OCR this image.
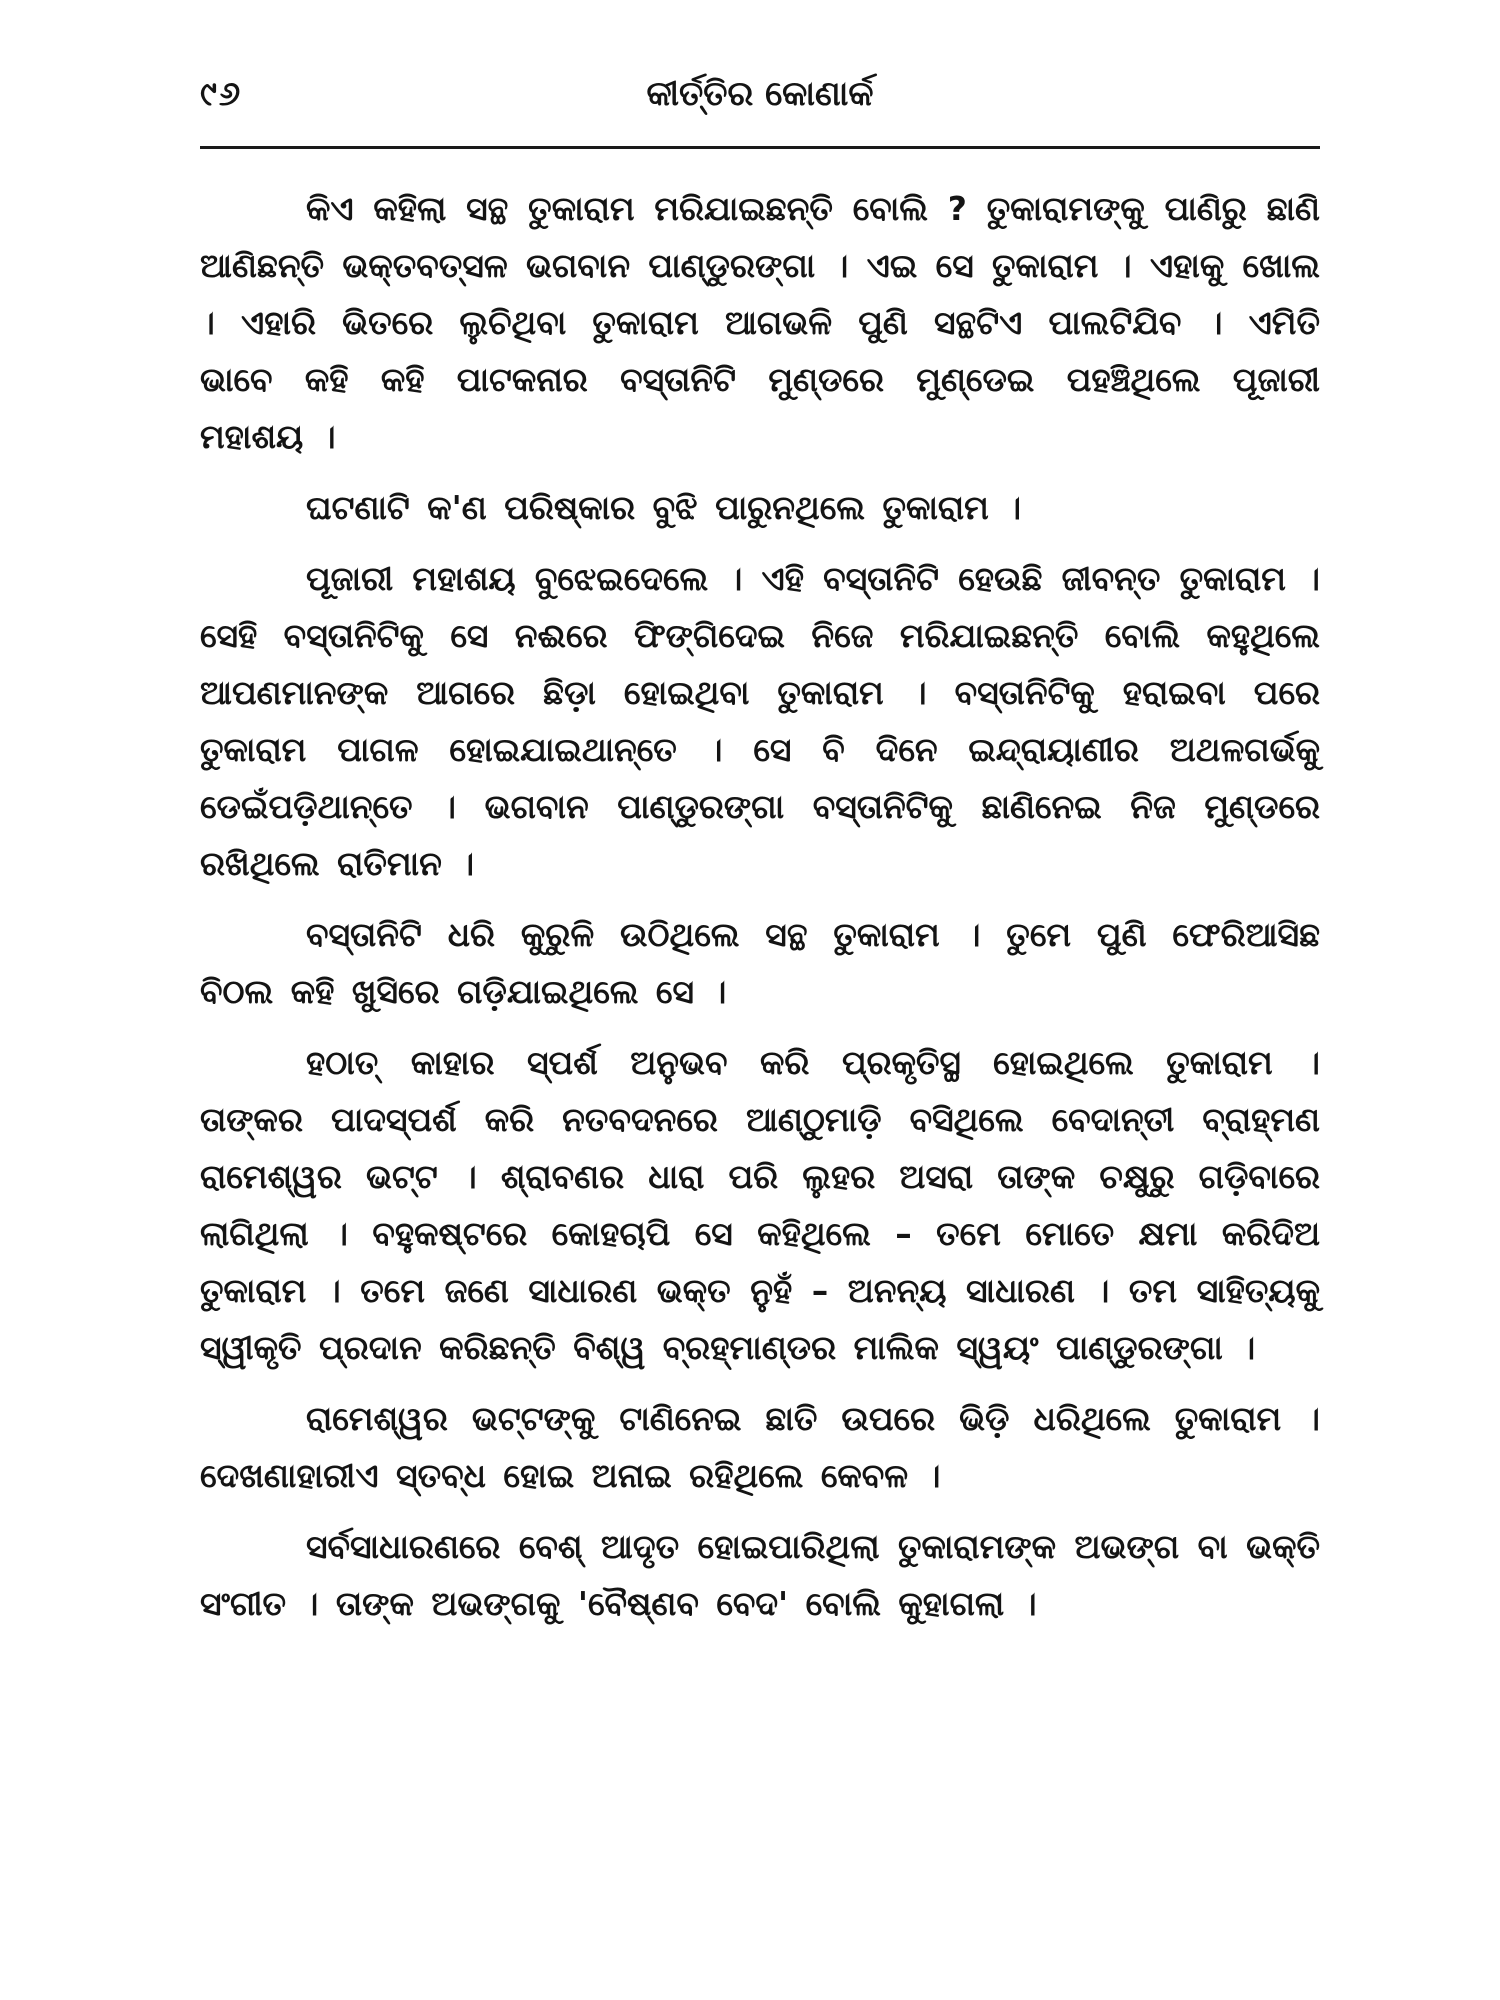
୯୬	କୀର୍ତ୍ତିର କୋଣାର୍କ

କିଏ କହିଲା ସନ୍ଥ ତୁକାରାମ ମରିଯାଇଛନ୍ତି ବୋଲି ? ତୁକାରାମଙ୍କୁ ପାଣିରୁ ଛାଣି ଆଣିଛନ୍ତି ଭକ୍ତବତ୍ସଳ ଭଗବାନ ପାଣ୍ଡୁରଙ୍ଗା । ଏଇ ସେ ତୁକାରାମ । ଏହାକୁ ଖୋଲ । ଏହାରି ଭିତରେ ଲୁଚିଥିବା ତୁକାରାମ ଆଗଭଳି ପୁଣି ସନ୍ଥଟିଏ ପାଲଟିଯିବ । ଏମିତି ଭାବେ କହି କହି ପାଟକନାର ବସ୍ତାନିଟି ମୁଣ୍ଡରେ ମୁଣ୍ଡେଇ ପହଞ୍ଚିଥିଲେ ପୂଜାରୀ ମହାଶୟ ।

ଘଟଣାଟି କ'ଣ ପରିଷ୍କାର ବୁଝି ପାରୁନଥିଲେ ତୁକାରାମ ।

ପୂଜାରୀ ମହାଶୟ ବୁଝେଇଦେଲେ । ଏହି ବସ୍ତାନିଟି ହେଉଛି ଜୀବନ୍ତ ତୁକାରାମ । ସେହି ବସ୍ତାନିଟିକୁ ସେ ନଈରେ ଫିଙ୍ଗିଦେଇ ନିଜେ ମରିଯାଇଛନ୍ତି ବୋଲି କହୁଥିଲେ ଆପଣମାନଙ୍କ ଆଗରେ ଛିଡ଼ା ହୋଇଥିବା ତୁକାରାମ । ବସ୍ତାନିଟିକୁ ହରାଇବା ପରେ ତୁକାରାମ ପାଗଳ ହୋଇଯାଇଥାନ୍ତେ । ସେ ବି ଦିନେ ଇନ୍ଦ୍ରାୟାଣୀର ଅଥଳଗର୍ଭକୁ ଡେଇଁପଡ଼ିଥାନ୍ତେ । ଭଗବାନ ପାଣ୍ଡୁରଙ୍ଗା ବସ୍ତାନିଟିକୁ ଛାଣିନେଇ ନିଜ ମୁଣ୍ଡରେ ରଖିଥିଲେ ରାତିମାନ ।

ବସ୍ତାନିଟି ଧରି କୁରୁଳି ଉଠିଥିଲେ ସନ୍ଥ ତୁକାରାମ । ତୁମେ ପୁଣି ଫେରିଆସିଛ ବିଠଲ କହି ଖୁସିରେ ଗଡ଼ିଯାଇଥିଲେ ସେ ।

ହଠାତ୍ କାହାର ସ୍ପର୍ଶ ଅନୁଭବ କରି ପ୍ରକୃତିସ୍ଥ ହୋଇଥିଲେ ତୁକାରାମ । ତାଙ୍କର ପାଦସ୍ପର୍ଶ କରି ନତବଦନରେ ଆଣ୍ଠୁମାଡ଼ି ବସିଥିଲେ ବେଦାନ୍ତୀ ବ୍ରାହ୍ମଣ ରାମେଶ୍ୱର ଭଟ୍ଟ । ଶ୍ରାବଣର ଧାରା ପରି ଲୁହର ଅସରା ତାଙ୍କ ଚକ୍ଷୁରୁ ଗଡ଼ିବାରେ ଲାଗିଥିଲା । ବହୁକଷ୍ଟରେ କୋହଚାପି ସେ କହିଥିଲେ – ତମେ ମୋତେ କ୍ଷମା କରିଦିଅ ତୁକାରାମ । ତମେ ଜଣେ ସାଧାରଣ ଭକ୍ତ ନୁହଁ – ଅନନ୍ୟ ସାଧାରଣ । ତମ ସାହିତ୍ୟକୁ ସ୍ୱୀକୃତି ପ୍ରଦାନ କରିଛନ୍ତି ବିଶ୍ୱ ବ୍ରହ୍ମାଣ୍ଡର ମାଲିକ ସ୍ୱୟଂ ପାଣ୍ଡୁରଙ୍ଗା ।

ରାମେଶ୍ୱର ଭଟ୍ଟଙ୍କୁ ଟାଣିନେଇ ଛାତି ଉପରେ ଭିଡ଼ି ଧରିଥିଲେ ତୁକାରାମ । ଦେଖଣାହାରୀଏ ସ୍ତବ୍ଧ ହୋଇ ଅନାଇ ରହିଥିଲେ କେବଳ ।

ସର୍ବସାଧାରଣରେ ବେଶ୍ ଆଦୃତ ହୋଇପାରିଥିଲା ତୁକାରାମଙ୍କ ଅଭଙ୍ଗ ବା ଭକ୍ତି ସଂଗୀତ । ତାଙ୍କ ଅଭଙ୍ଗକୁ 'ବୈଷ୍ଣବ ବେଦ' ବୋଲି କୁହାଗଲା ।
